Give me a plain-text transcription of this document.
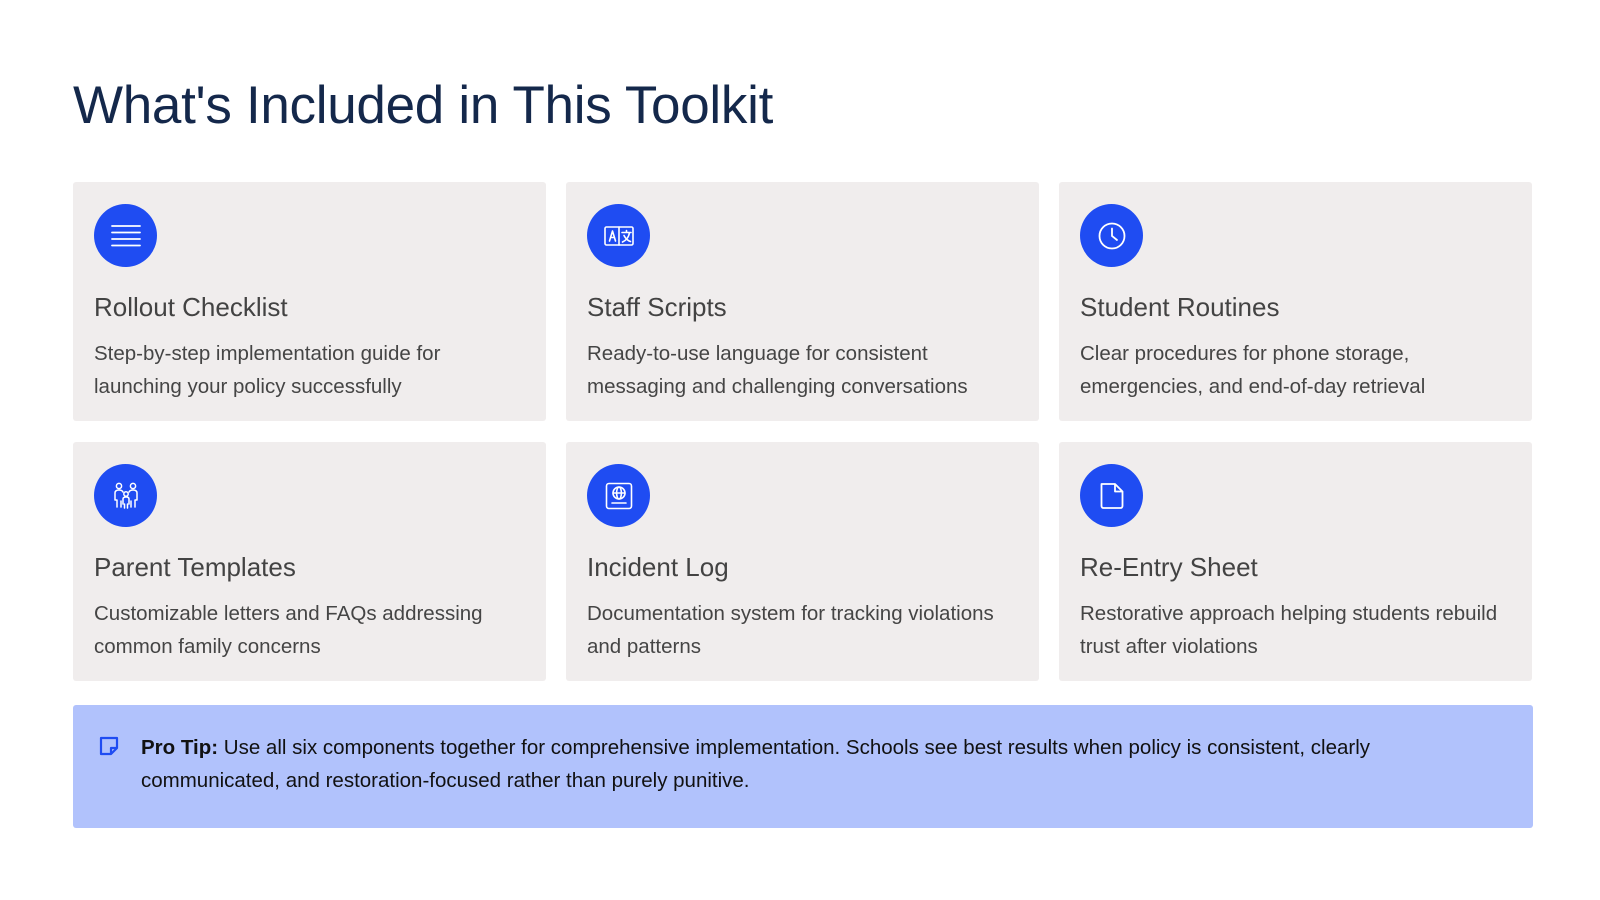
What's Included in This Toolkit
Rollout Checklist

Step-by-step implementation guide for launching your policy successfully

Staff Scripts

Ready-to-use language for consistent messaging and challenging conversations

Student Routines

Clear procedures for phone storage, emergencies, and end-of-day retrieval

Parent Templates

Customizable letters and FAQs addressing common family concerns

Incident Log

Documentation system for tracking violations and patterns

Re-Entry Sheet

Restorative approach helping students rebuild trust after violations

Pro Tip: Use all six components together for comprehensive implementation. Schools see best results when policy is consistent, clearly communicated, and restoration-focused rather than purely punitive.
